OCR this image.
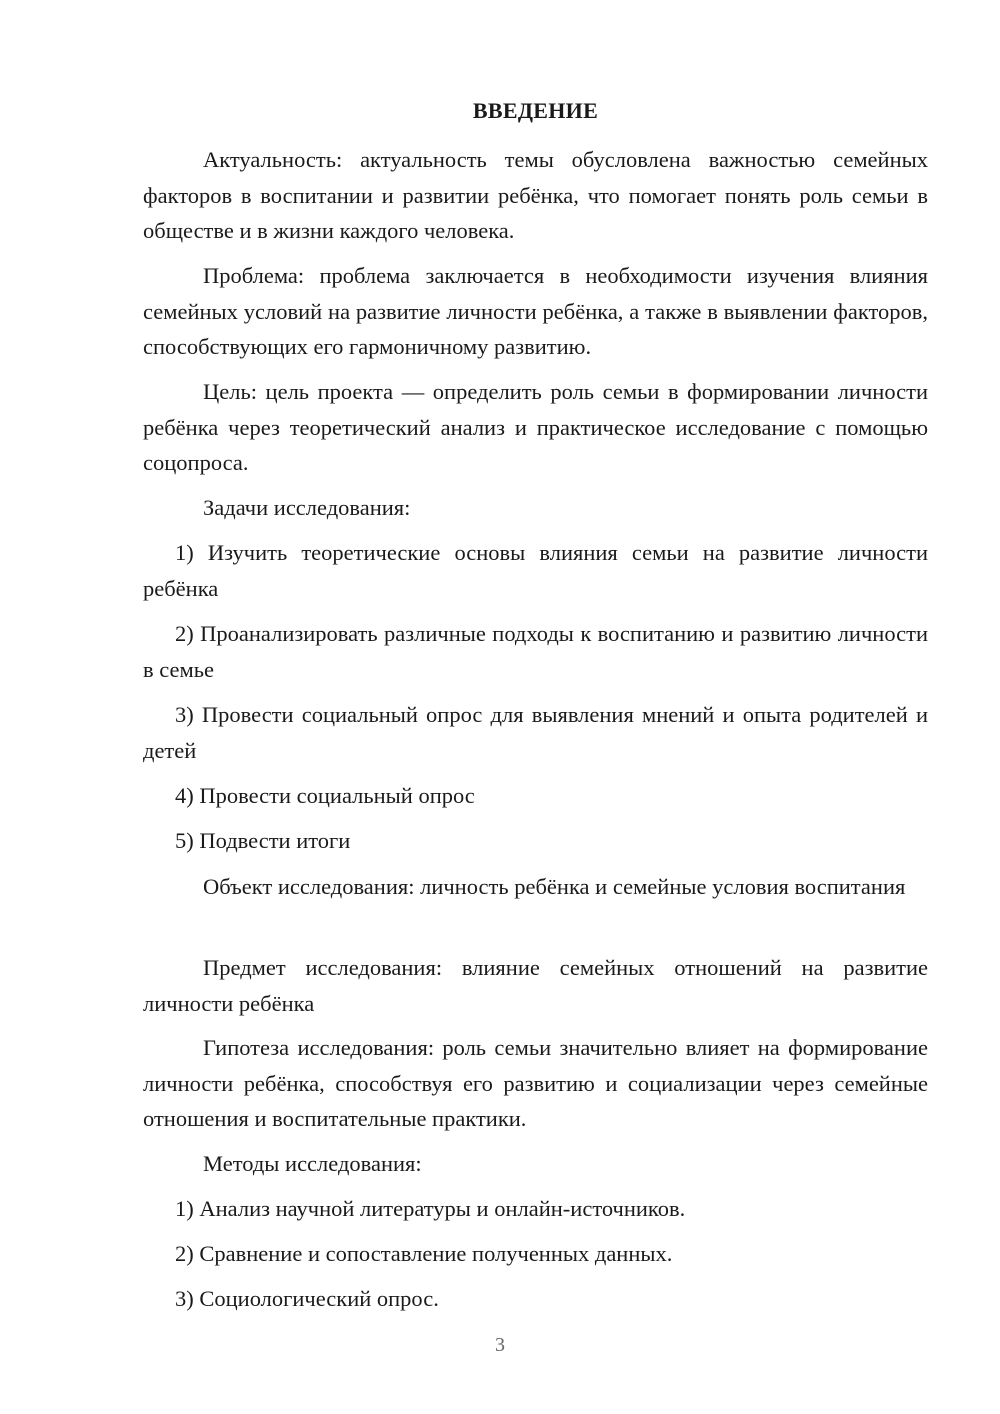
ВВЕДЕНИЕ

Актуальность: актуальность темы обусловлена важностью семейных факторов в воспитании и развитии ребёнка, что помогает понять роль семьи в обществе и в жизни каждого человека.

Проблема: проблема заключается в необходимости изучения влияния семейных условий на развитие личности ребёнка, а также в выявлении факторов, способствующих его гармоничному развитию.

Цель: цель проекта — определить роль семьи в формировании личности ребёнка через теоретический анализ и практическое исследование с помощью соцопроса.

Задачи исследования:

1) Изучить теоретические основы влияния семьи на развитие личности ребёнка

2) Проанализировать различные подходы к воспитанию и развитию личности в семье

3) Провести социальный опрос для выявления мнений и опыта родителей и детей

4) Провести социальный опрос

5) Подвести итоги

Объект исследования: личность ребёнка и семейные условия воспитания

Предмет исследования: влияние семейных отношений на развитие личности ребёнка

Гипотеза исследования: роль семьи значительно влияет на формирование личности ребёнка, способствуя его развитию и социализации через семейные отношения и воспитательные практики.

Методы исследования:

1) Анализ научной литературы и онлайн-источников.

2) Сравнение и сопоставление полученных данных.

3) Социологический опрос.

3
